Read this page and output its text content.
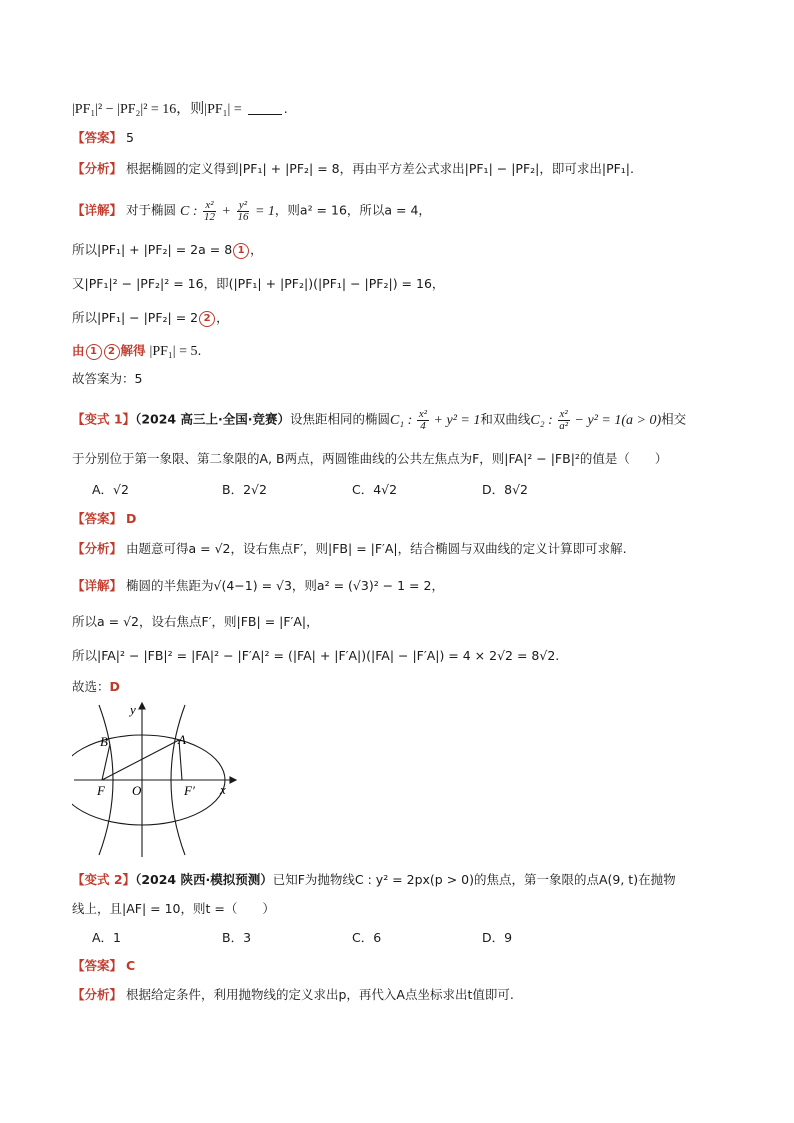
|PF₁|² − |PF₂|² = 16，则|PF₁| =	.
【答案】 5
【分析】 根据椭圆的定义得到|PF₁| + |PF₂| = 8，再由平方差公式求出|PF₁| − |PF₂|，即可求出|PF₁|.
【详解】 对于椭圆 C : $\frac{\text{x²}}{12} + \frac{\text{y²}}{16} = 1$，则a² = 16，所以a = 4，
所以|PF₁| + |PF₂| = 2a = 8 1 ，
又|PF₁|² − |PF₂|² = 16，即(|PF₁| + |PF₂|)(|PF₁| − |PF₂|) = 16，
所以|PF₁| − |PF₂| = 2 2 ，
由 1 2 解得 |PF₁| = 5.
故答案为：5
【变式 1】（2024 高三上·全国·竞赛）设焦距相同的椭圆C₁ : $\frac{\text{x²}}{4} + y^2 = 1$和双曲线C₂ : $\frac{\text{x²}}{\text{a²}} - y^2 = 1(a > 0)$相交
于分别位于第一象限、第二象限的A, B两点，两圆锥曲线的公共左焦点为F，则|FA|² − |FB|²的值是（　　）
A．√2	B．2√2	C．4√2	D．8√2
【答案】 D
【分析】 由题意可得a = √2，设右焦点F′，则|FB| = |F′A|，结合椭圆与双曲线的定义计算即可求解.
【详解】 椭圆的半焦距为√(4−1) = √3，则a² = (√3)² − 1 = 2，
所以a = √2，设右焦点F′，则|FB| = |F′A|，
所以|FA|² − |FB|² = |FA|² − |F′A|² = (|FA| + |F′A|)(|FA| − |F′A|) = 4 × 2√2 = 8√2.
故选：D
y
x
B	A
F O	F′
【变式 2】（2024 陕西·模拟预测）已知F为抛物线C : y² = 2px(p > 0)的焦点，第一象限的点A(9, t)在抛物
线上，且|AF| = 10，则t =（　　）
A．1	B．3	C．6	D．9
【答案】 C
【分析】 根据给定条件，利用抛物线的定义求出p，再代入A点坐标求出t值即可.
